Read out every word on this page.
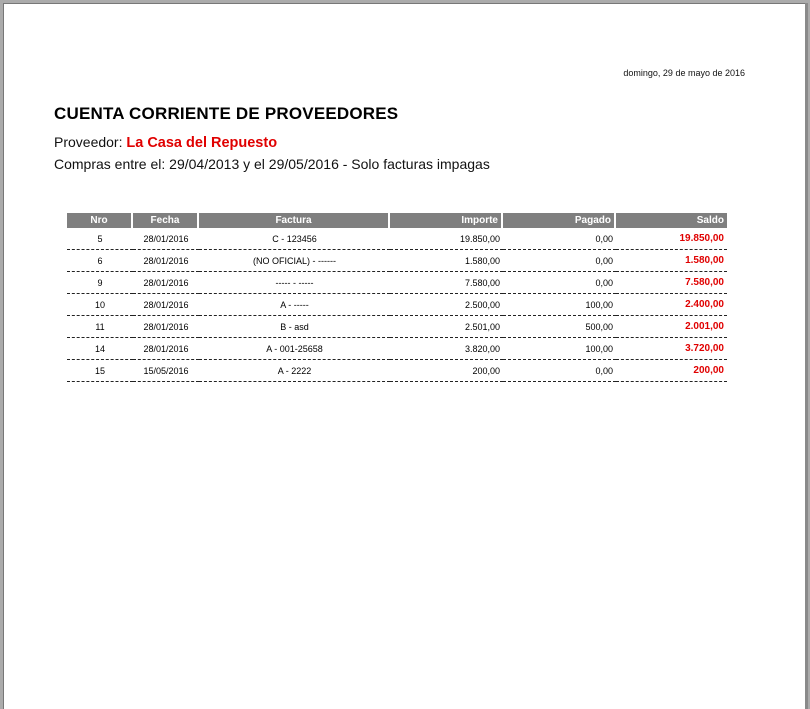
domingo, 29 de mayo de 2016
CUENTA CORRIENTE DE PROVEEDORES
Proveedor: La Casa del Repuesto
Compras entre el: 29/04/2013 y el 29/05/2016 - Solo facturas impagas
Nro	Fecha	Factura	Importe	Pagado	Saldo
5	28/01/2016	C - 123456	19.850,00	0,00	19.850,00
6	28/01/2016	(NO OFICIAL) - ------	1.580,00	0,00	1.580,00
9	28/01/2016	----- - -----	7.580,00	0,00	7.580,00
10	28/01/2016	A - -----	2.500,00	100,00	2.400,00
11	28/01/2016	B - asd	2.501,00	500,00	2.001,00
14	28/01/2016	A - 001-25658	3.820,00	100,00	3.720,00
15	15/05/2016	A - 2222	200,00	0,00	200,00
